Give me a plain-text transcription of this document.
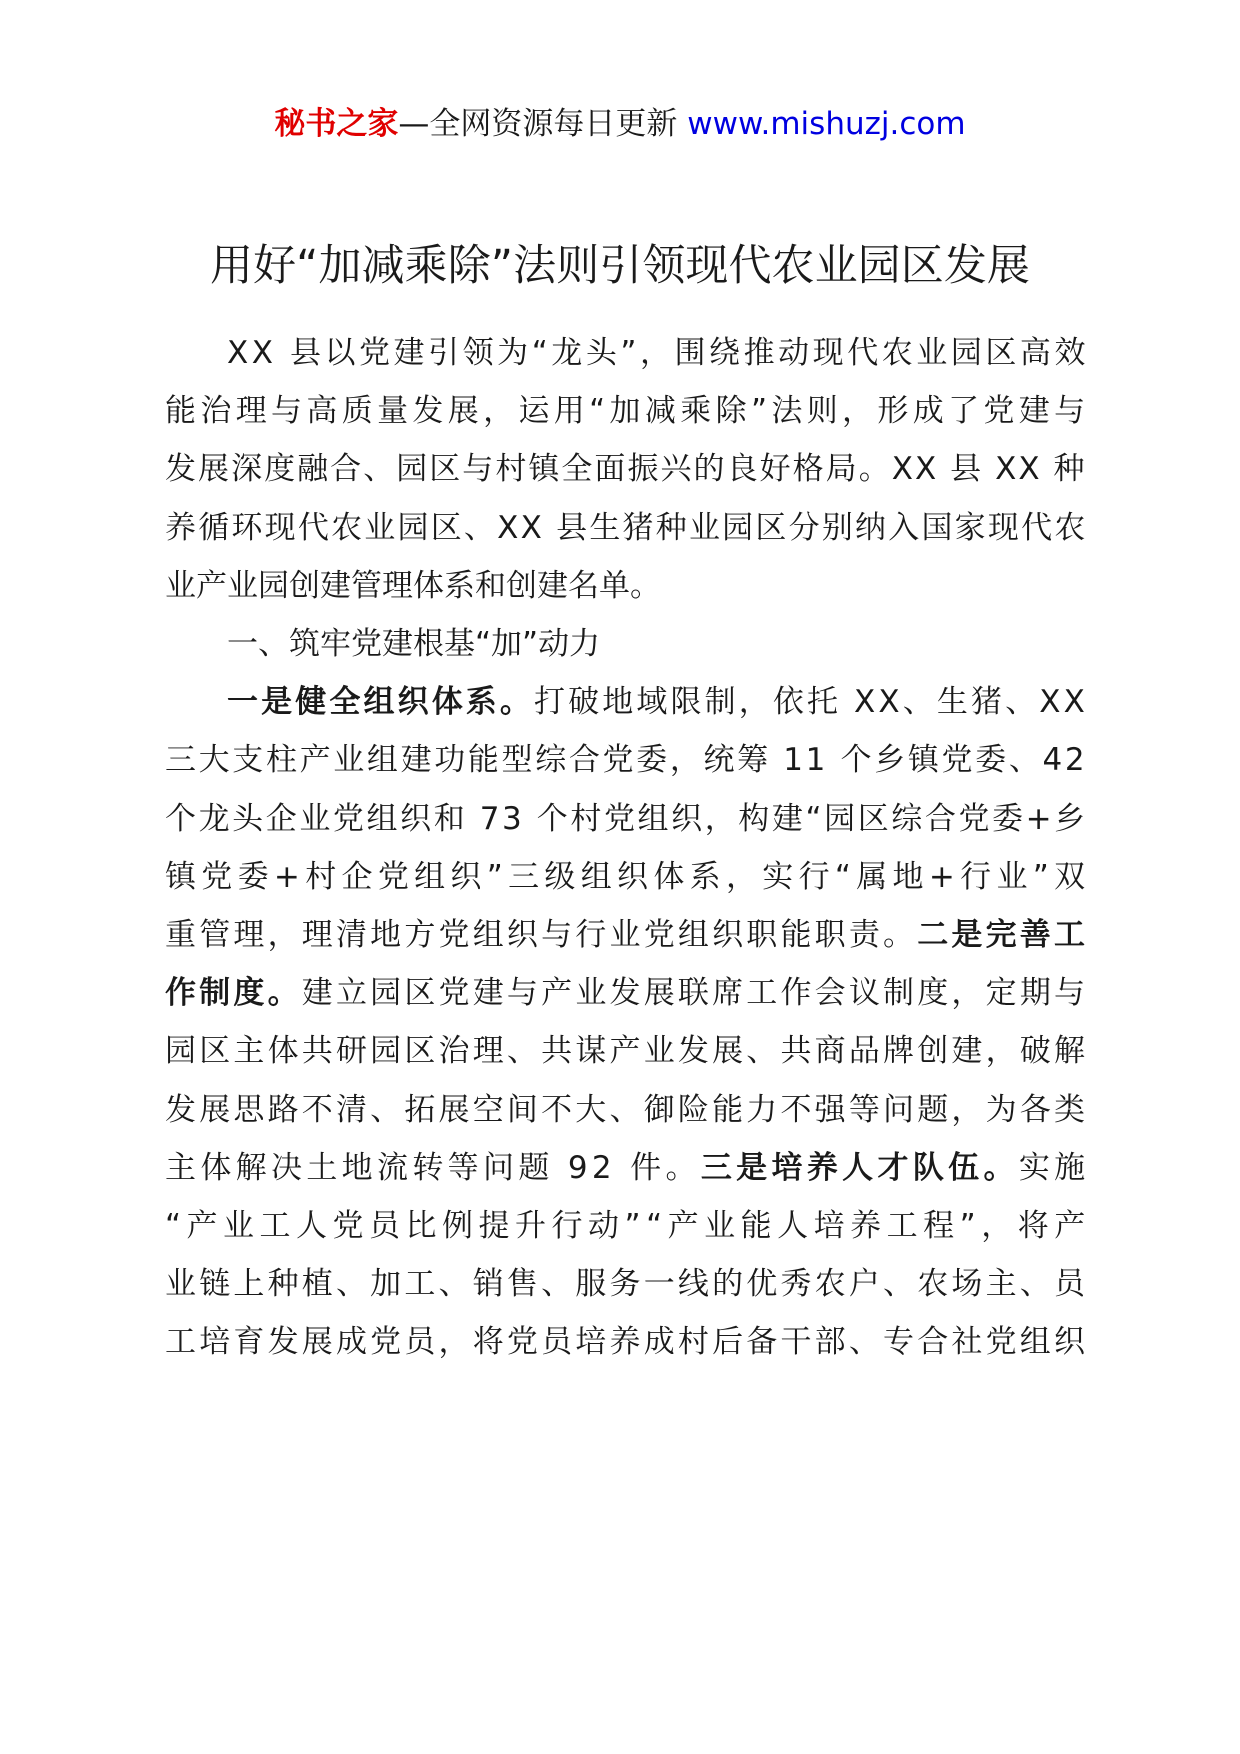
秘书之家—全网资源每日更新 www.mishuzj.com
用好“加减乘除”法则引领现代农业园区发展
XX 县以党建引领为“龙头”，围绕推动现代农业园区高效
能治理与高质量发展，运用“加减乘除”法则，形成了党建与
发展深度融合、园区与村镇全面振兴的良好格局。XX 县 XX 种
养循环现代农业园区、XX 县生猪种业园区分别纳入国家现代农
业产业园创建管理体系和创建名单。
一、筑牢党建根基“加”动力
一是健全组织体系。打破地域限制，依托 XX、生猪、XX
三大支柱产业组建功能型综合党委，统筹 11 个乡镇党委、42
个龙头企业党组织和 73 个村党组织，构建“园区综合党委+乡
镇党委+村企党组织”三级组织体系，实行“属地+行业”双
重管理，理清地方党组织与行业党组织职能职责。二是完善工
作制度。建立园区党建与产业发展联席工作会议制度，定期与
园区主体共研园区治理、共谋产业发展、共商品牌创建，破解
发展思路不清、拓展空间不大、御险能力不强等问题，为各类
主体解决土地流转等问题 92 件。三是培养人才队伍。实施
“产业工人党员比例提升行动”“产业能人培养工程”，将产
业链上种植、加工、销售、服务一线的优秀农户、农场主、员
工培育发展成党员，将党员培养成村后备干部、专合社党组织
